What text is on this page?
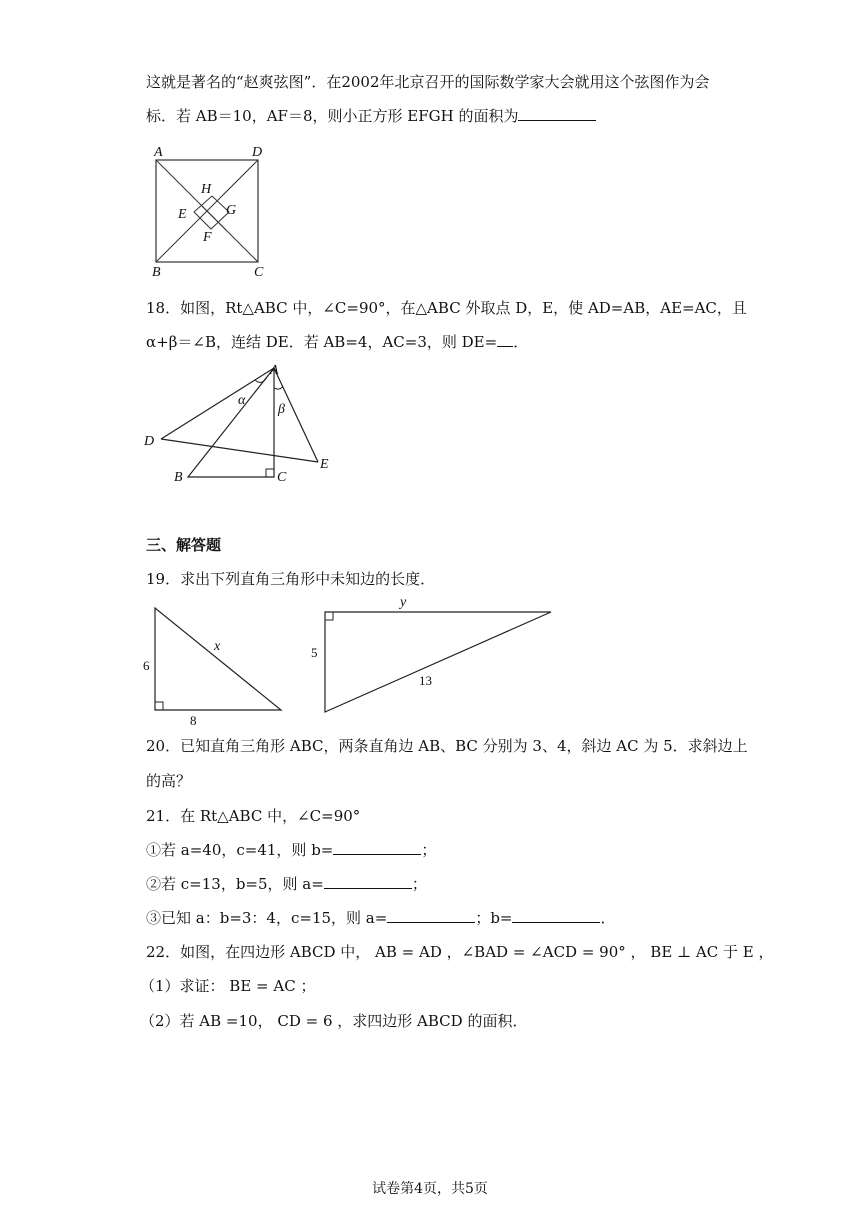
这就是著名的“赵爽弦图”．在2002年北京召开的国际数学家大会就用这个弦图作为会
标．若 AB＝10，AF＝8，则小正方形 EFGH 的面积为
A	D
B	C
H
E	G
F
18．如图，Rt△ABC 中，∠C=90°，在△ABC 外取点 D，E，使 AD=AB，AE=AC，且
α+β＝∠B，连结 DE．若 AB=4，AC=3，则 DE= ．
A
α
β
D
E
B	C
三、解答题
19．求出下列直角三角形中未知边的长度．
x
6
8
y
5
13
20．已知直角三角形 ABC，两条直角边 AB、BC 分别为 3、4，斜边 AC 为 5．求斜边上
的高？
21．在 Rt△ABC 中，∠C=90°
①若 a=40，c=41，则 b=	；
②若 c=13，b=5，则 a=	；
③已知 a：b=3：4，c=15，则 a=	；b=	．
22．如图，在四边形 ABCD 中， AB = AD ，∠BAD = ∠ACD = 90° ， BE ⊥ AC 于 E ，
（1）求证： BE = AC ；
（2）若 AB =10， CD = 6 ，求四边形 ABCD 的面积．
试卷第4页，共5页
